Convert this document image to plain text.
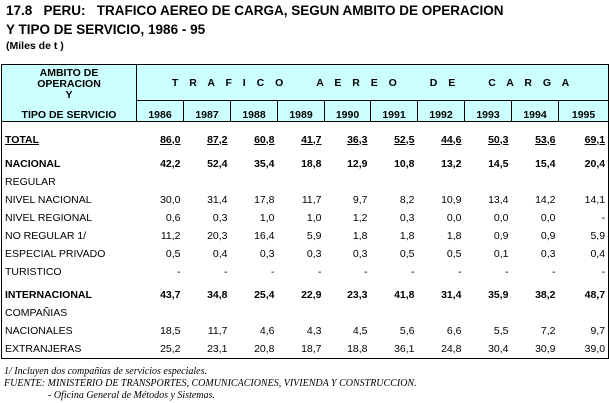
17.8   PERU:   TRAFICO AEREO DE CARGA, SEGUN AMBITO DE OPERACION
Y TIPO DE SERVICIO, 1986 - 95
(Miles de t )
AMBITO DE
OPERACION
Y
TIPO DE SERVICIO	T R A F I C O A E R E O D E C A R G A									
	1986	1987	1988	1989	1990	1991	1992	1993	1994	1995

TOTAL	86,0	87,2	60,8	41,7	36,3	52,5	44,6	50,3	53,6	69,1

NACIONAL	42,2	52,4	35,4	18,8	12,9	10,8	13,2	14,5	15,4	20,4
REGULAR										
NIVEL NACIONAL	30,0	31,4	17,8	11,7	9,7	8,2	10,9	13,4	14,2	14,1
NIVEL REGIONAL	0,6	0,3	1,0	1,0	1,2	0,3	0,0	0,0	0,0	-
NO REGULAR 1/	11,2	20,3	16,4	5,9	1,8	1,8	1,8	0,9	0,9	5,9
ESPECIAL PRIVADO	0,5	0,4	0,3	0,3	0,3	0,5	0,5	0,1	0,3	0,4
TURISTICO	-	-	-	-	-	-	-	-	-	-

INTERNACIONAL	43,7	34,8	25,4	22,9	23,3	41,8	31,4	35,9	38,2	48,7
COMPAÑIAS										
NACIONALES	18,5	11,7	4,6	4,3	4,5	5,6	6,6	5,5	7,2	9,7
EXTRANJERAS	25,2	23,1	20,8	18,7	18,8	36,1	24,8	30,4	30,9	39,0
1/ Incluyen dos compañías de servicios especiales.
FUENTE: MINISTERIO DE TRANSPORTES, COMUNICACIONES, VIVIENDA Y CONSTRUCCION.
- Oficina General de Métodos y Sistemas.
